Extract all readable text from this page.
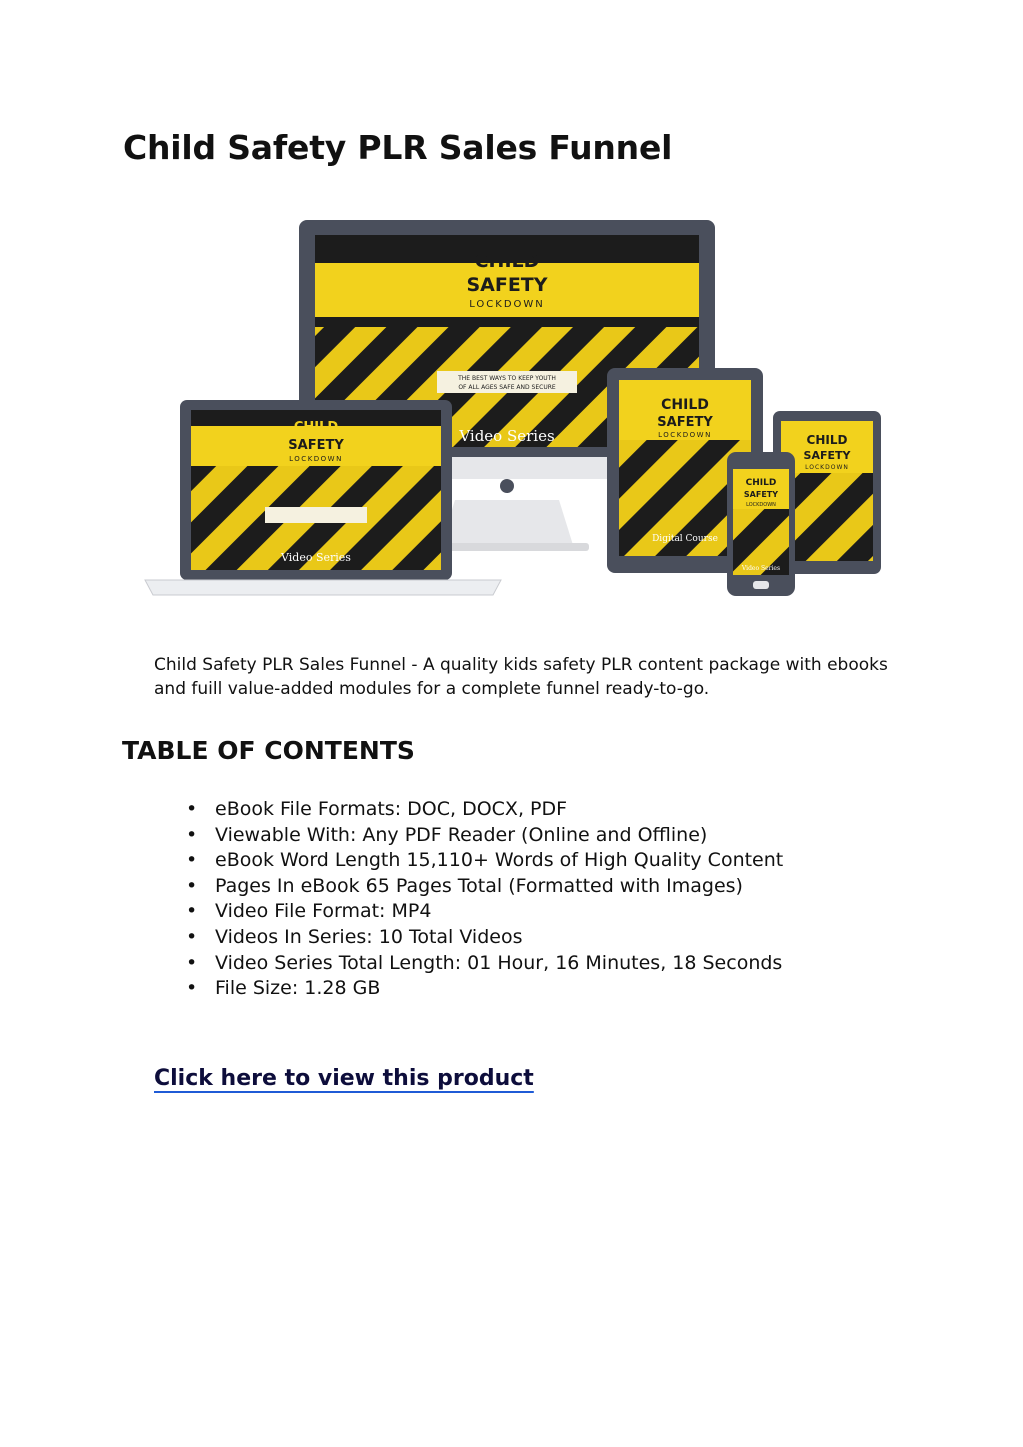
Child Safety PLR Sales Funnel
CHILD
SAFETY
LOCKDOWN
THE BEST WAYS TO KEEP YOUTH
OF ALL AGES SAFE AND SECURE
Video Series
CHILD
SAFETY
LOCKDOWN
Video Series
CHILD
SAFETY
LOCKDOWN
Digital Course
CHILD
SAFETY
LOCKDOWN
CHILD
SAFETY
LOCKDOWN
Video Series

Child Safety PLR Sales Funnel - A quality kids safety PLR content package with ebooks and fuill value-added modules for a complete funnel ready-to-go.

TABLE OF CONTENTS
• eBook File Formats: DOC, DOCX, PDF
• Viewable With: Any PDF Reader (Online and Offline)
• eBook Word Length 15,110+ Words of High Quality Content
• Pages In eBook 65 Pages Total (Formatted with Images)
• Video File Format: MP4
• Videos In Series: 10 Total Videos
• Video Series Total Length: 01 Hour, 16 Minutes, 18 Seconds
• File Size: 1.28 GB
Click here to view this product
